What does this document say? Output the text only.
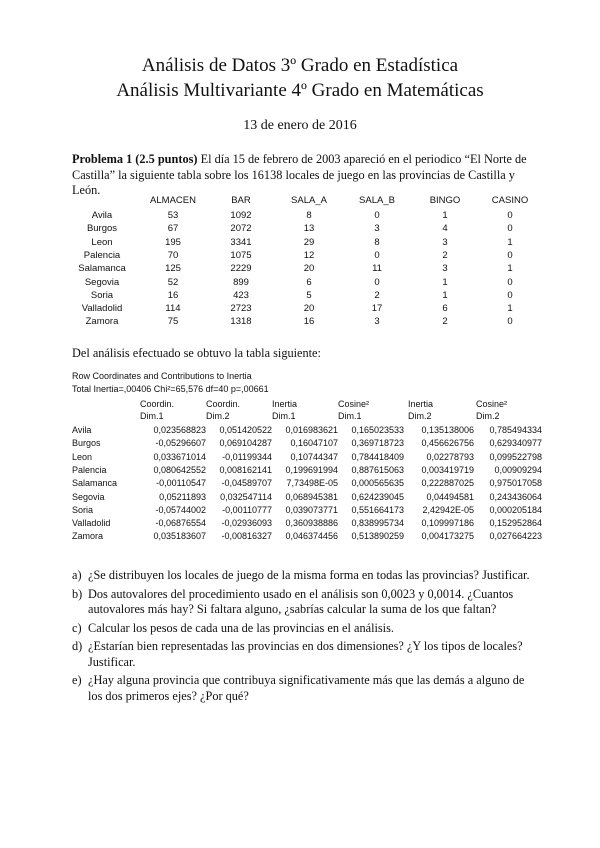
Análisis de Datos 3º Grado en Estadística
Análisis Multivariante 4º Grado en Matemáticas
13 de enero de 2016
Problema 1 (2.5 puntos) El día 15 de febrero de 2003 apareció en el periodico “El Norte de Castilla” la siguiente tabla sobre los 16138 locales de juego en las provincias de Castilla y León.
ALMACEN	BAR	SALA_A	SALA_B	BINGO	CASINO
Avila	53	1092	8	0	1	0
Burgos	67	2072	13	3	4	0
Leon	195	3341	29	8	3	1
Palencia	70	1075	12	0	2	0
Salamanca	125	2229	20	11	3	1
Segovia	52	899	6	0	1	0
Soria	16	423	5	2	1	0
Valladolid	114	2723	20	17	6	1
Zamora	75	1318	16	3	2	0
Del análisis efectuado se obtuvo la tabla siguiente:
Row Coordinates and Contributions to Inertia
Total Inertia=,00406 Chi²=65,576 df=40 p=,00661
Coordin.	Coordin.	Inertia	Cosine²	Inertia	Cosine²
Dim.1	Dim.2	Dim.1	Dim.1	Dim.2	Dim.2
Avila	0,023568823	0,051420522	0,016983621	0,165023533	0,135138006	0,785494334
Burgos	-0,05296607	0,069104287	0,16047107	0,369718723	0,456626756	0,629340977
Leon	0,033671014	-0,01199344	0,10744347	0,784418409	0,02278793	0,099522798
Palencia	0,080642552	0,008162141	0,199691994	0,887615063	0,003419719	0,00909294
Salamanca	-0,00110547	-0,04589707	7,73498E-05	0,000565635	0,222887025	0,975017058
Segovia	0,05211893	0,032547114	0,068945381	0,624239045	0,04494581	0,243436064
Soria	-0,05744002	-0,00110777	0,039073771	0,551664173	2,42942E-05	0,000205184
Valladolid	-0,06876554	-0,02936093	0,360938886	0,838995734	0,109997186	0,152952864
Zamora	0,035183607	-0,00816327	0,046374456	0,513890259	0,004173275	0,027664223
a) ¿Se distribuyen los locales de juego de la misma forma en todas las provincias? Justificar.
b) Dos autovalores del procedimiento usado en el análisis son 0,0023 y 0,0014. ¿Cuantos autovalores más hay? Si faltara alguno, ¿sabrías calcular la suma de los que faltan?
c) Calcular los pesos de cada una de las provincias en el análisis.
d) ¿Estarían bien representadas las provincias en dos dimensiones? ¿Y los tipos de locales? Justificar.
e) ¿Hay alguna provincia que contribuya significativamente más que las demás a alguno de los dos primeros ejes? ¿Por qué?
